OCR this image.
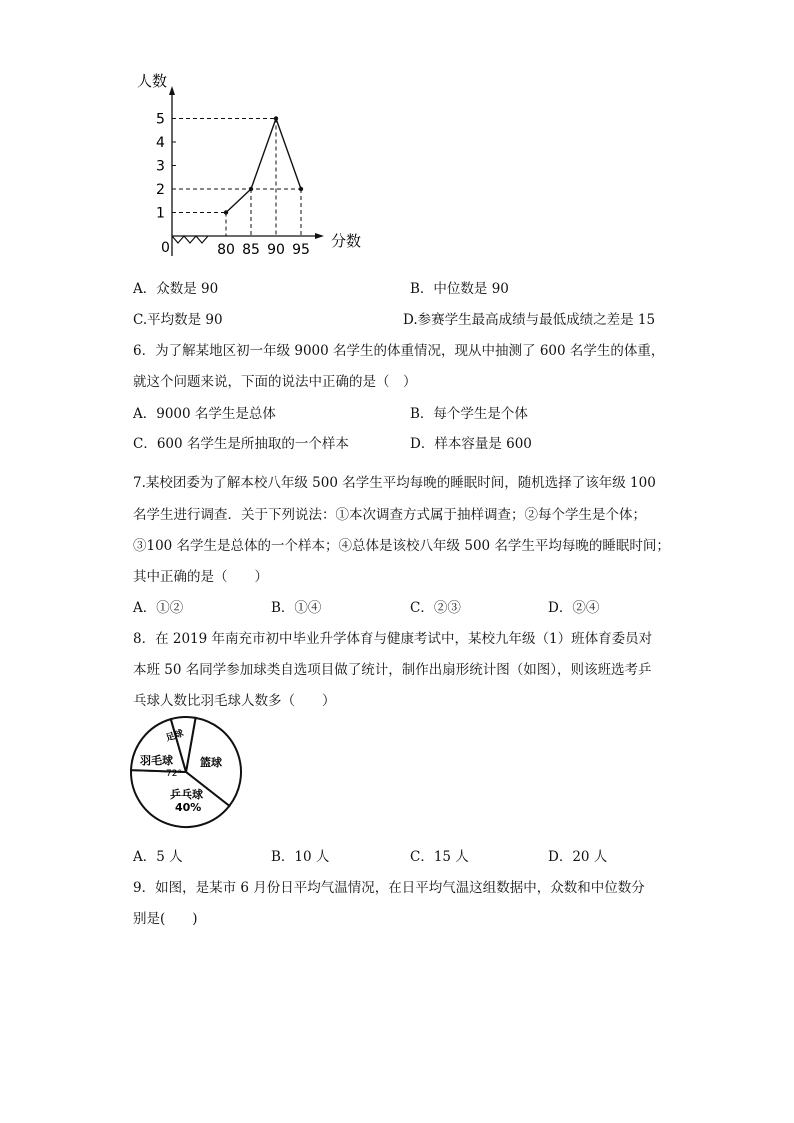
人数
分数
0
1
2
3
4
5
80 85 90 95
A．众数是 90	B．中位数是 90
C.平均数是 90	D.参赛学生最高成绩与最低成绩之差是 15
6．为了解某地区初一年级 9000 名学生的体重情况，现从中抽测了 600 名学生的体重，
就这个问题来说，下面的说法中正确的是（　）
A．9000 名学生是总体	B．每个学生是个体
C．600 名学生是所抽取的一个样本	D．样本容量是 600
7.某校团委为了解本校八年级 500 名学生平均每晚的睡眠时间，随机选择了该年级 100
名学生进行调查．关于下列说法：①本次调查方式属于抽样调查；②每个学生是个体；
③100 名学生是总体的一个样本；④总体是该校八年级 500 名学生平均每晚的睡眠时间；
其中正确的是（　　）
A．①②	B．①④	C．②③	D．②④
8．在 2019 年南充市初中毕业升学体育与健康考试中，某校九年级（1）班体育委员对
本班 50 名同学参加球类自选项目做了统计，制作出扇形统计图（如图），则该班选考乒
乓球人数比羽毛球人数多（　　）
足球
羽毛球
72°
篮球
乒乓球
40%
A．5 人	B．10 人	C．15 人	D．20 人
9．如图，是某市 6 月份日平均气温情况，在日平均气温这组数据中，众数和中位数分
别是(　　)
